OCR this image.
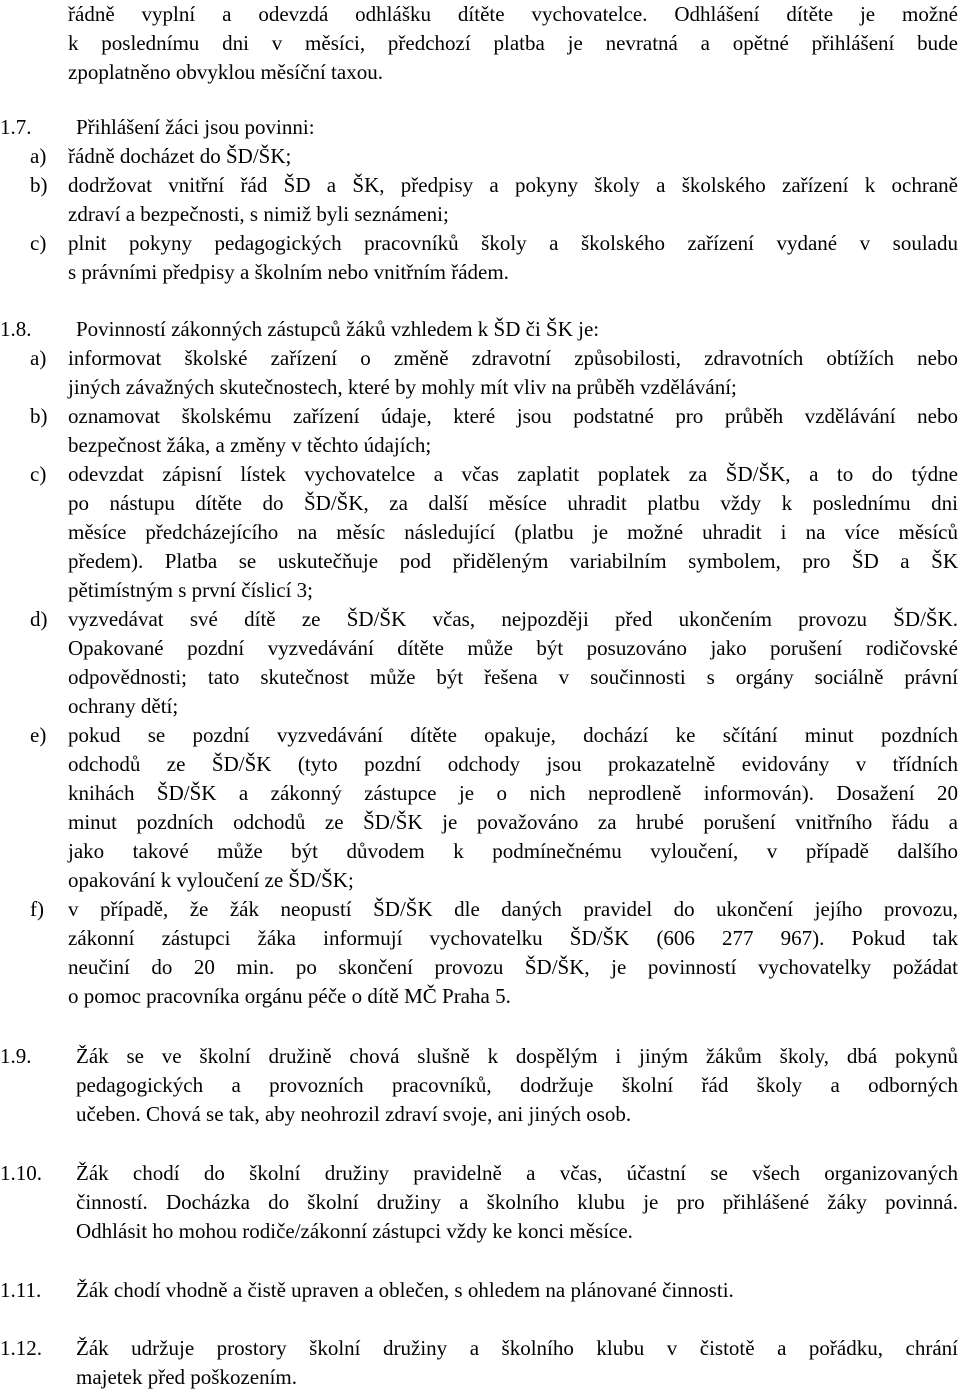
řádně vyplní a odevzdá odhlášku dítěte vychovatelce. Odhlášení dítěte je možné
k poslednímu dni v měsíci, předchozí platba je nevratná a opětné přihlášení bude
zpoplatněno obvyklou měsíční taxou.
1.7.	Přihlášení žáci jsou povinni:
a)	řádně docházet do ŠD/ŠK;
b) dodržovat vnitřní řád ŠD a ŠK, předpisy a pokyny školy a školského zařízení k ochraně
zdraví a bezpečnosti, s nimiž byli seznámeni;
c)	plnit pokyny pedagogických pracovníků školy a školského zařízení vydané v souladu
s právními předpisy a školním nebo vnitřním řádem.
1.8.	Povinností zákonných zástupců žáků vzhledem k ŠD či ŠK je:
a)	informovat školské zařízení o změně zdravotní způsobilosti, zdravotních obtížích nebo
jiných závažných skutečnostech, které by mohly mít vliv na průběh vzdělávání;
b) oznamovat školskému zařízení údaje, které jsou podstatné pro průběh vzdělávání nebo
bezpečnost žáka, a změny v těchto údajích;
c)	odevzdat zápisní lístek vychovatelce a včas zaplatit poplatek za ŠD/ŠK, a to do týdne
po nástupu dítěte do ŠD/ŠK, za další měsíce uhradit platbu vždy k poslednímu dni
měsíce předcházejícího na měsíc následující (platbu je možné uhradit i na více měsíců
předem). Platba se uskutečňuje pod přiděleným variabilním symbolem, pro ŠD a ŠK
pětimístným s první číslicí 3;
d) vyzvedávat své dítě ze ŠD/ŠK včas, nejpozději před ukončením provozu ŠD/ŠK.
Opakované pozdní vyzvedávání dítěte může být posuzováno jako porušení rodičovské
odpovědnosti; tato skutečnost může být řešena v součinnosti s orgány sociálně právní
ochrany dětí;
e)	pokud se pozdní vyzvedávání dítěte opakuje, dochází ke sčítání minut pozdních
odchodů ze ŠD/ŠK (tyto pozdní odchody jsou prokazatelně evidovány v třídních
knihách ŠD/ŠK a zákonný zástupce je o nich neprodleně informován). Dosažení 20
minut pozdních odchodů ze ŠD/ŠK je považováno za hrubé porušení vnitřního řádu a
jako takové může být důvodem k podmínečnému vyloučení, v případě dalšího
opakování k vyloučení ze ŠD/ŠK;
f)	v případě, že žák neopustí ŠD/ŠK dle daných pravidel do ukončení jejího provozu,
zákonní zástupci žáka informují vychovatelku ŠD/ŠK (606 277 967). Pokud tak
neučiní do 20 min. po skončení provozu ŠD/ŠK, je povinností vychovatelky požádat
o pomoc pracovníka orgánu péče o dítě MČ Praha 5.
1.9.	Žák se ve školní družině chová slušně k dospělým i jiným žákům školy, dbá pokynů
pedagogických a provozních pracovníků, dodržuje školní řád školy a odborných
učeben. Chová se tak, aby neohrozil zdraví svoje, ani jiných osob.
1.10.	Žák chodí do školní družiny pravidelně a včas, účastní se všech organizovaných
činností. Docházka do školní družiny a školního klubu je pro přihlášené žáky povinná.
Odhlásit ho mohou rodiče/zákonní zástupci vždy ke konci měsíce.
1.11.	Žák chodí vhodně a čistě upraven a oblečen, s ohledem na plánované činnosti.
1.12.	Žák udržuje prostory školní družiny a školního klubu v čistotě a pořádku, chrání
majetek před poškozením.
